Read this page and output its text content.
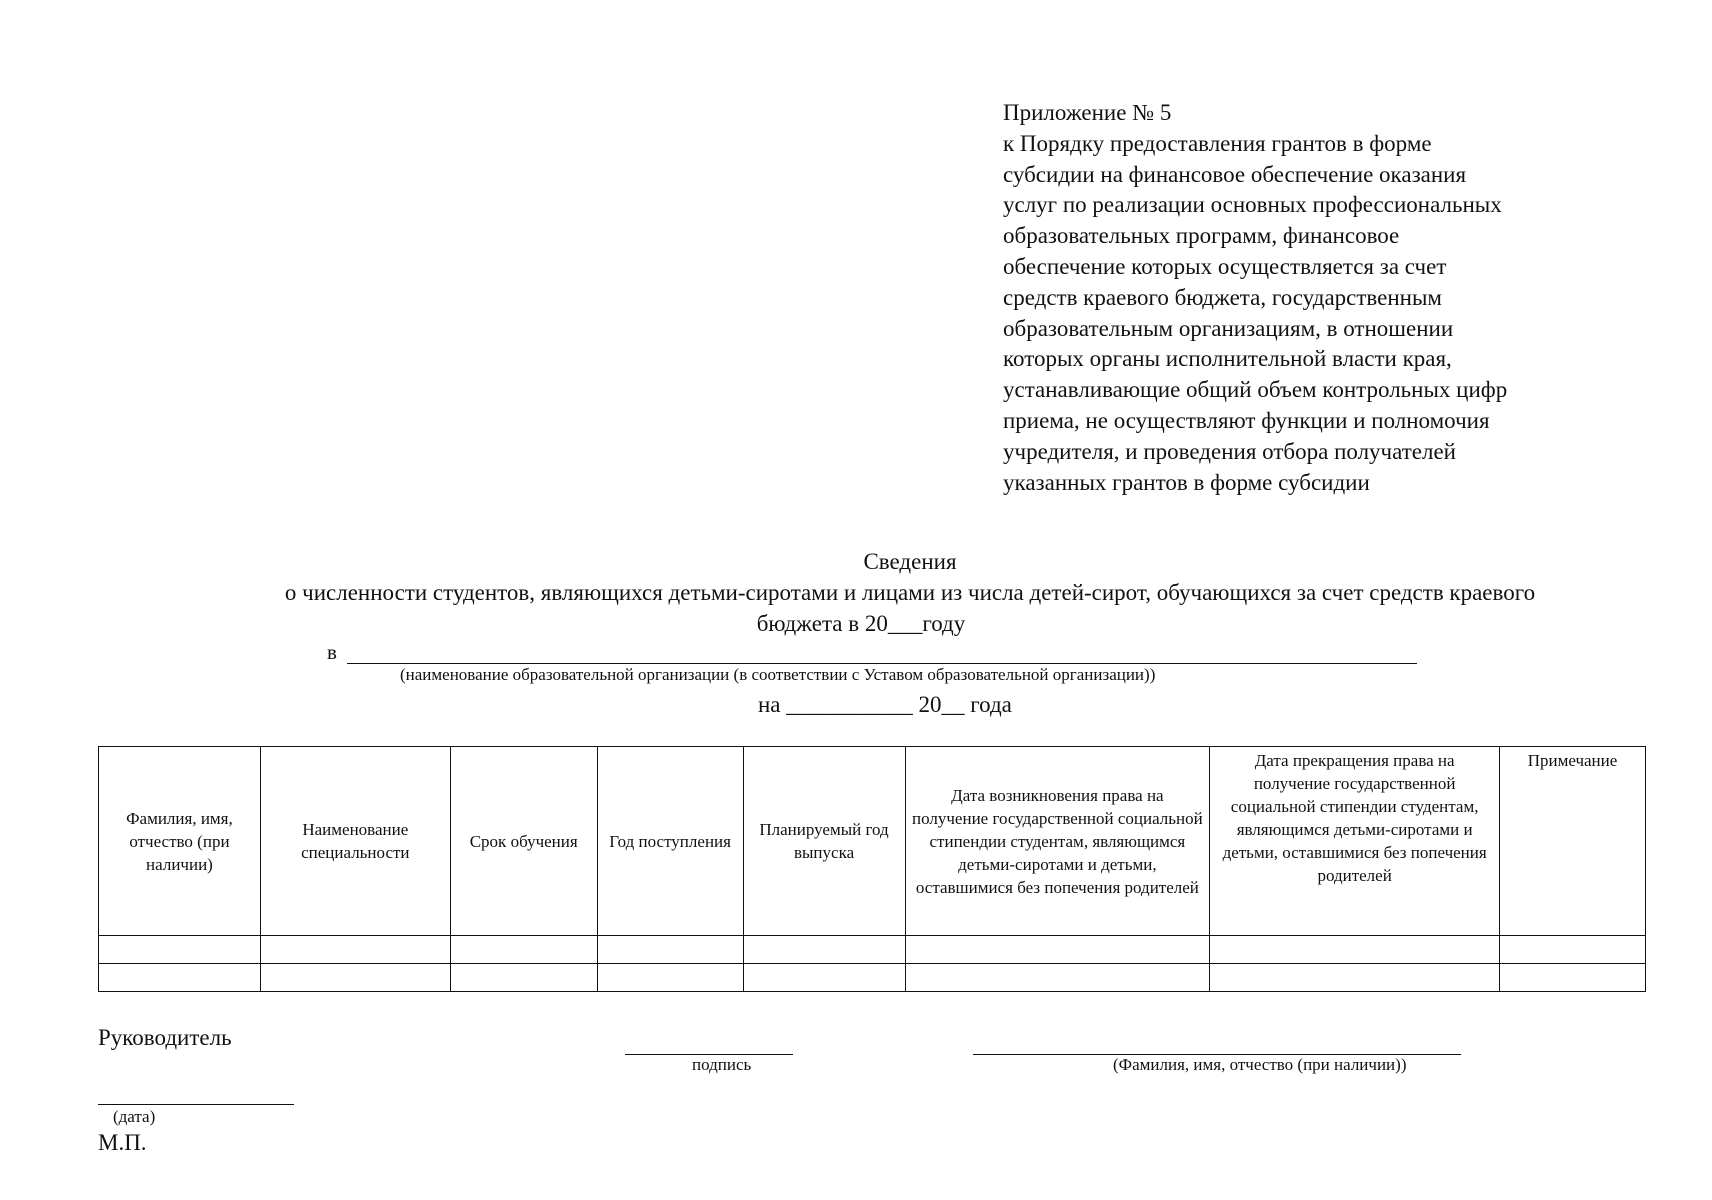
Приложение № 5
к Порядку предоставления грантов в форме
субсидии на финансовое обеспечение оказания
услуг по реализации основных профессиональных
образовательных программ, финансовое
обеспечение которых осуществляется за счет
средств краевого бюджета, государственным
образовательным организациям, в отношении
которых органы исполнительной власти края,
устанавливающие общий объем контрольных цифр
приема, не осуществляют функции и полномочия
учредителя, и проведения отбора получателей
указанных грантов в форме субсидии
Сведения
о численности студентов, являющихся детьми-сиротами и лицами из числа детей-сирот, обучающихся за счет средств краевого
бюджета в 20___году
в
(наименование образовательной организации (в соответствии с Уставом образовательной организации))
на ___________ 20__ года
Фамилия, имя, отчество (при наличии)	Наименование специальности	Срок обучения	Год поступления	Планируемый год выпуска	Дата возникновения права на получение государственной социальной стипендии студентам, являющимся детьми-сиротами и детьми, оставшимися без попечения родителей	Дата прекращения права на получение государственной социальной стипендии студентам, являющимся детьми-сиротами и детьми, оставшимися без попечения родителей	Примечание

Руководитель
подпись	(Фамилия, имя, отчество (при наличии))
(дата)
М.П.
